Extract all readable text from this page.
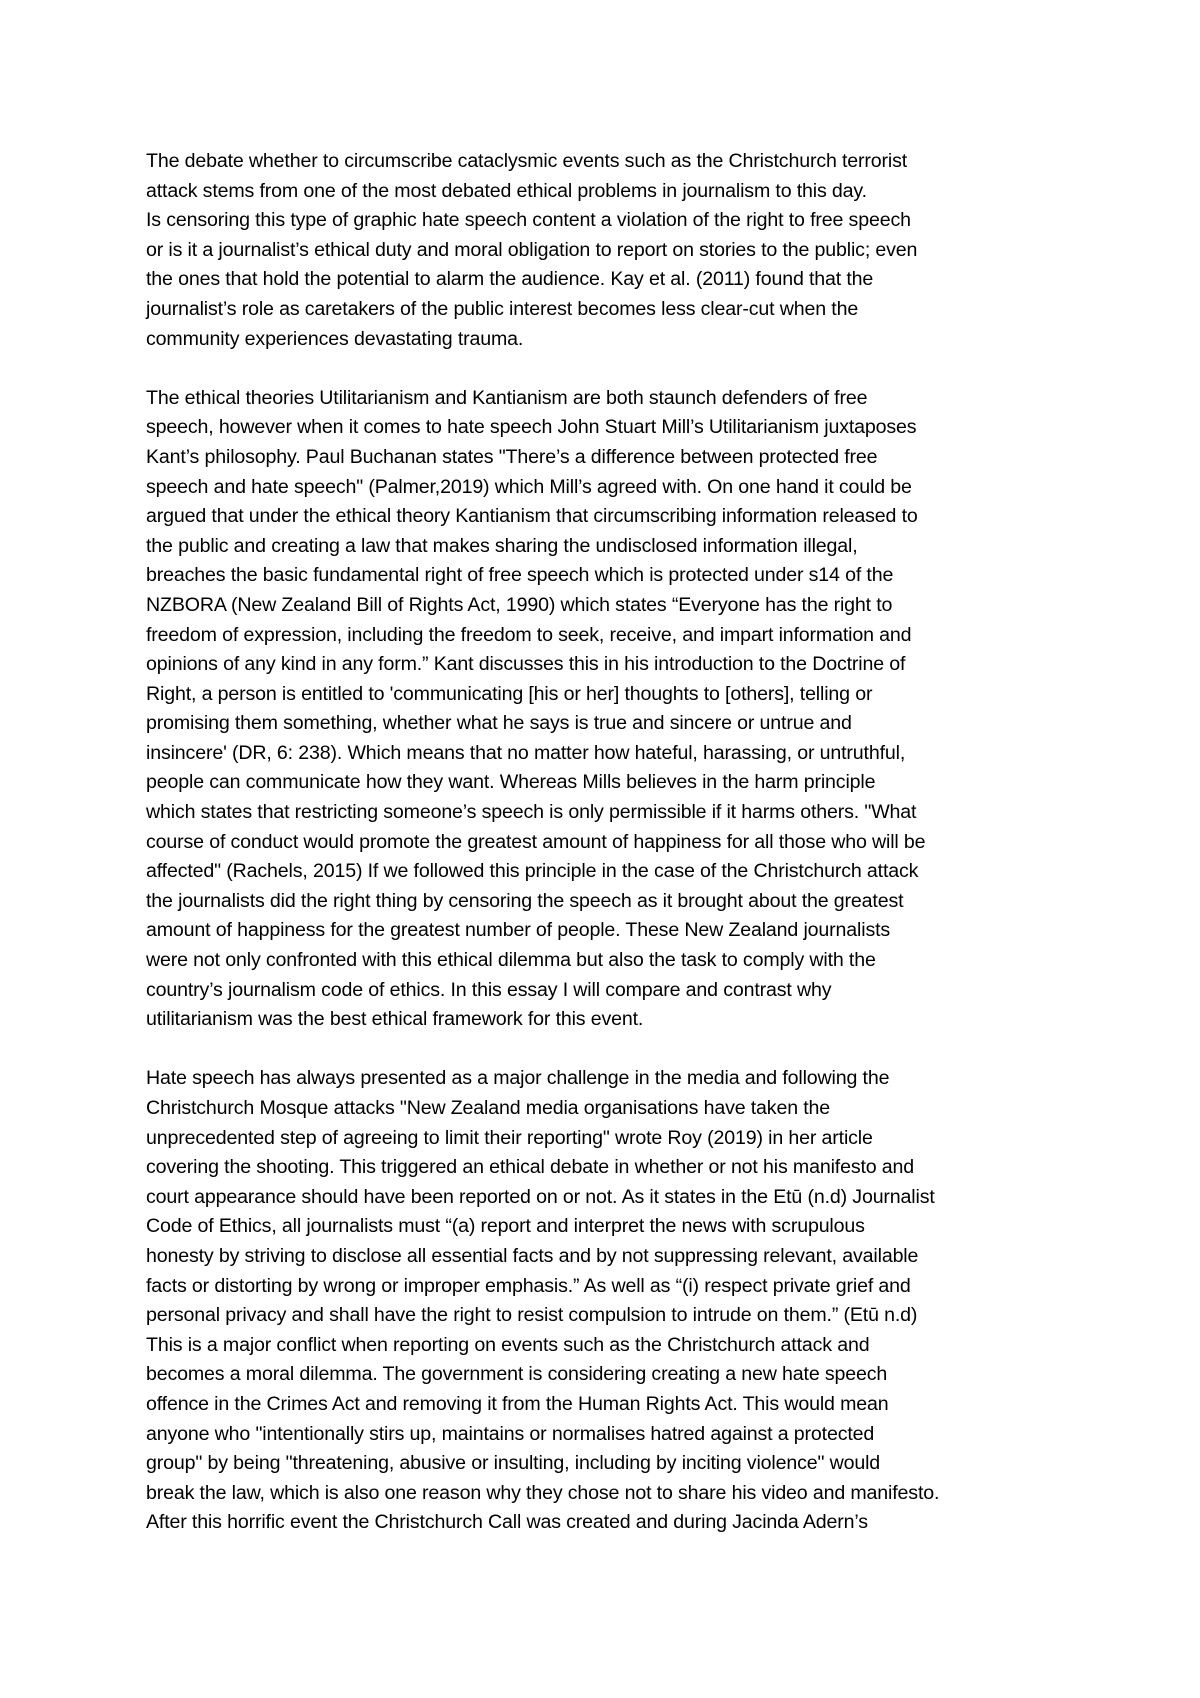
The debate whether to circumscribe cataclysmic events such as the Christchurch terrorist
attack stems from one of the most debated ethical problems in journalism to this day.
Is censoring this type of graphic hate speech content a violation of the right to free speech
or is it a journalist’s ethical duty and moral obligation to report on stories to the public; even
the ones that hold the potential to alarm the audience. Kay et al. (2011) found that the
journalist’s role as caretakers of the public interest becomes less clear-cut when the
community experiences devastating trauma.

The ethical theories Utilitarianism and Kantianism are both staunch defenders of free
speech, however when it comes to hate speech John Stuart Mill’s Utilitarianism juxtaposes
Kant’s philosophy. Paul Buchanan states "There’s a difference between protected free
speech and hate speech" (Palmer,2019) which Mill’s agreed with. On one hand it could be
argued that under the ethical theory Kantianism that circumscribing information released to
the public and creating a law that makes sharing the undisclosed information illegal,
breaches the basic fundamental right of free speech which is protected under s14 of the
NZBORA (New Zealand Bill of Rights Act, 1990) which states “Everyone has the right to
freedom of expression, including the freedom to seek, receive, and impart information and
opinions of any kind in any form.” Kant discusses this in his introduction to the Doctrine of
Right, a person is entitled to 'communicating [his or her] thoughts to [others], telling or
promising them something, whether what he says is true and sincere or untrue and
insincere' (DR, 6: 238). Which means that no matter how hateful, harassing, or untruthful,
people can communicate how they want. Whereas Mills believes in the harm principle
which states that restricting someone’s speech is only permissible if it harms others. "What
course of conduct would promote the greatest amount of happiness for all those who will be
affected" (Rachels, 2015) If we followed this principle in the case of the Christchurch attack
the journalists did the right thing by censoring the speech as it brought about the greatest
amount of happiness for the greatest number of people. These New Zealand journalists
were not only confronted with this ethical dilemma but also the task to comply with the
country’s journalism code of ethics. In this essay I will compare and contrast why
utilitarianism was the best ethical framework for this event.

Hate speech has always presented as a major challenge in the media and following the
Christchurch Mosque attacks "New Zealand media organisations have taken the
unprecedented step of agreeing to limit their reporting" wrote Roy (2019) in her article
covering the shooting. This triggered an ethical debate in whether or not his manifesto and
court appearance should have been reported on or not. As it states in the Etū (n.d) Journalist
Code of Ethics, all journalists must “(a) report and interpret the news with scrupulous
honesty by striving to disclose all essential facts and by not suppressing relevant, available
facts or distorting by wrong or improper emphasis.” As well as “(i) respect private grief and
personal privacy and shall have the right to resist compulsion to intrude on them.” (Etū n.d)
This is a major conflict when reporting on events such as the Christchurch attack and
becomes a moral dilemma. The government is considering creating a new hate speech
offence in the Crimes Act and removing it from the Human Rights Act. This would mean
anyone who "intentionally stirs up, maintains or normalises hatred against a protected
group" by being "threatening, abusive or insulting, including by inciting violence" would
break the law, which is also one reason why they chose not to share his video and manifesto.
After this horrific event the Christchurch Call was created and during Jacinda Adern’s
